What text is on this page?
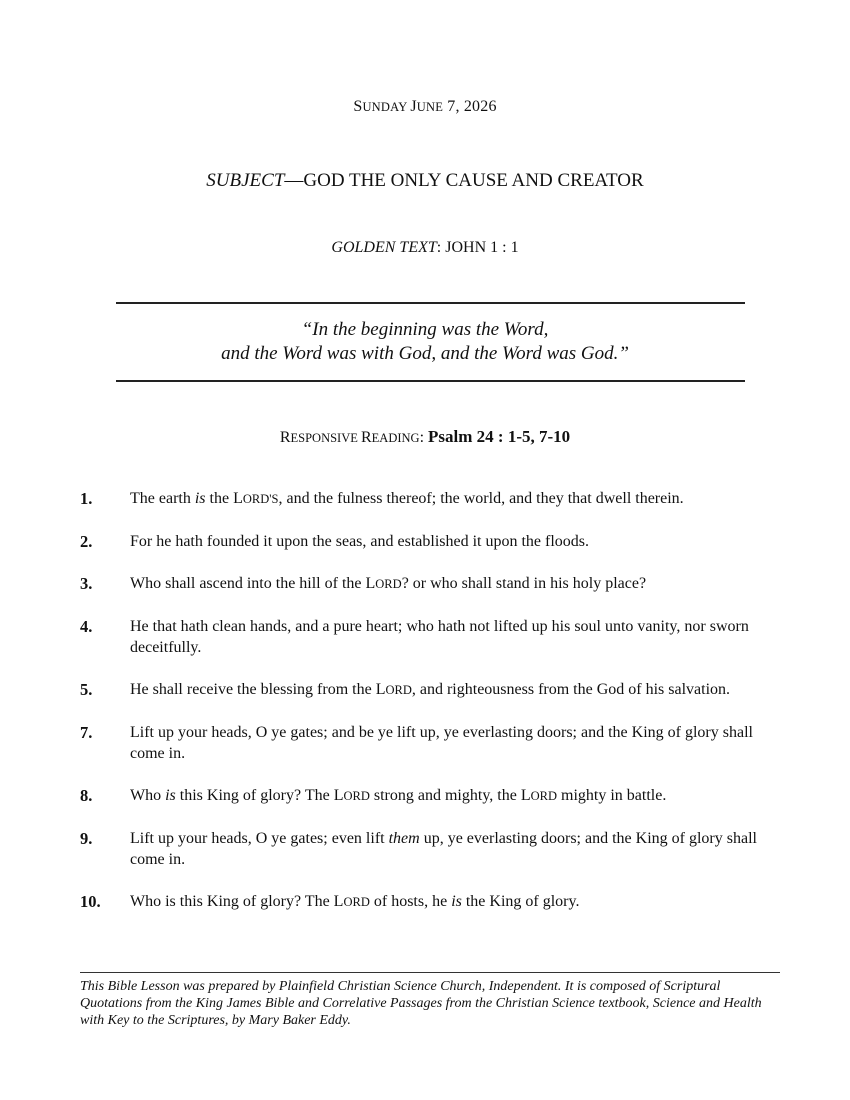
SUNDAY JUNE 7, 2026
SUBJECT—GOD THE ONLY CAUSE AND CREATOR
GOLDEN TEXT: JOHN 1 : 1
“In the beginning was the Word,
and the Word was with God, and the Word was God.”
RESPONSIVE READING: Psalm 24 : 1-5, 7-10
1.	The earth is the LORD'S, and the fulness thereof; the world, and they that dwell therein.
2.	For he hath founded it upon the seas, and established it upon the floods.
3.	Who shall ascend into the hill of the LORD? or who shall stand in his holy place?
4.	He that hath clean hands, and a pure heart; who hath not lifted up his soul unto vanity, nor sworn deceitfully.
5.	He shall receive the blessing from the LORD, and righteousness from the God of his salvation.
7.	Lift up your heads, O ye gates; and be ye lift up, ye everlasting doors; and the King of glory shall come in.
8.	Who is this King of glory? The LORD strong and mighty, the LORD mighty in battle.
9.	Lift up your heads, O ye gates; even lift them up, ye everlasting doors; and the King of glory shall come in.
10.	Who is this King of glory? The LORD of hosts, he is the King of glory.
This Bible Lesson was prepared by Plainfield Christian Science Church, Independent. It is composed of Scriptural Quotations from the King James Bible and Correlative Passages from the Christian Science textbook, Science and Health with Key to the Scriptures, by Mary Baker Eddy.
